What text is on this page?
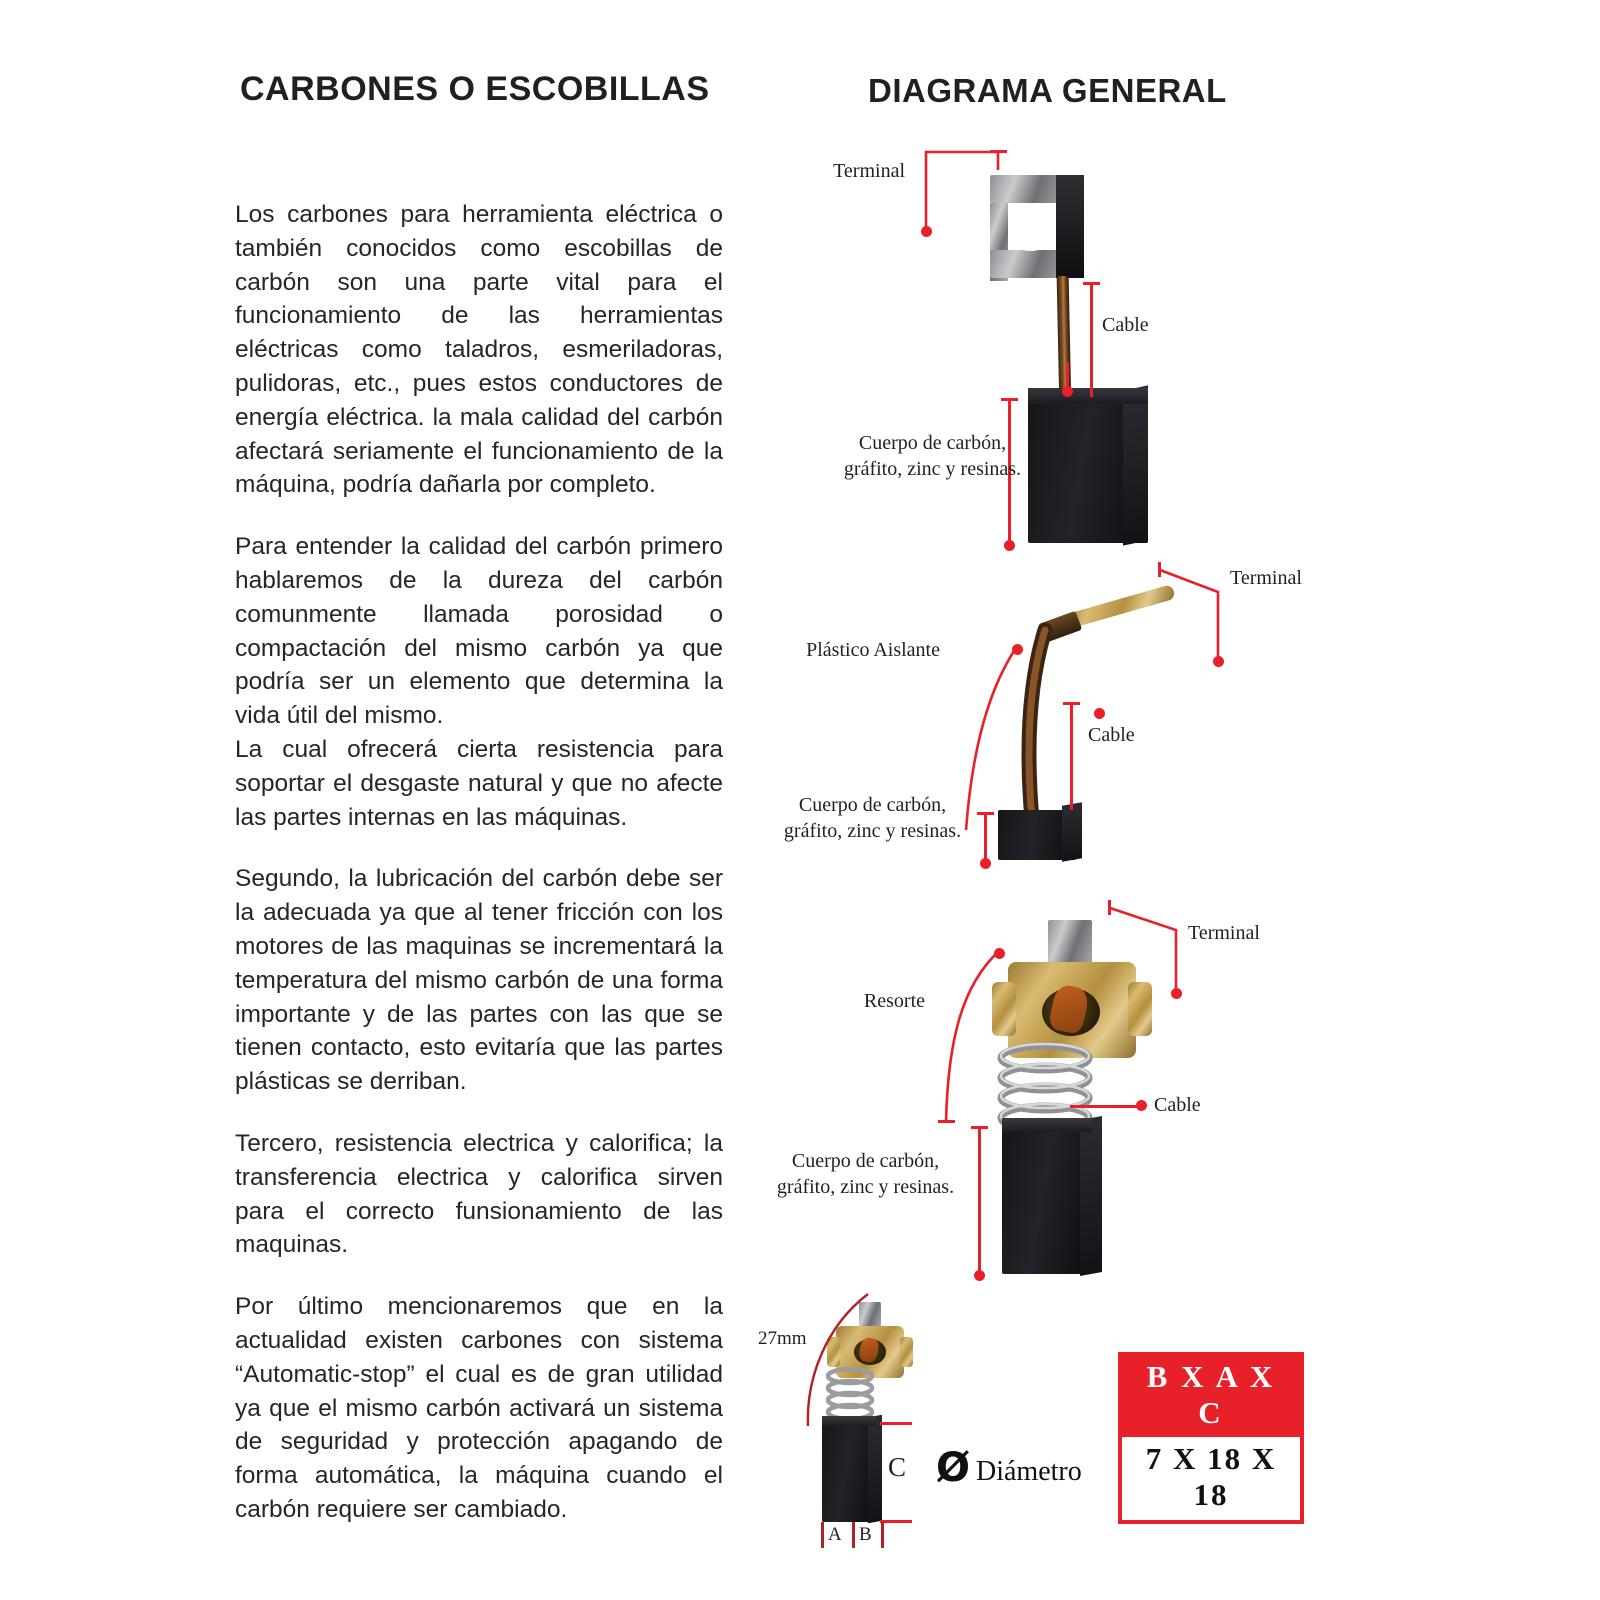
CARBONES O ESCOBILLAS	DIAGRAMA GENERAL

Los carbones para herramienta eléctrica o también conocidos como escobillas de carbón son una parte vital para el funcionamiento de las herramientas eléctricas como taladros, esmeriladoras, pulidoras, etc., pues estos conductores de energía eléctrica. la mala calidad del carbón afectará seriamente el funcionamiento de la máquina, podría dañarla por completo.

Para entender la calidad del carbón primero hablaremos de la dureza del carbón comunmente llamada porosidad o compactación del mismo carbón ya que podría ser un elemento que determina la vida útil del mismo.

La cual ofrecerá cierta resistencia para soportar el desgaste natural y que no afecte las partes internas en las máquinas.

Segundo, la lubricación del carbón debe ser la adecuada ya que al tener fricción con los motores de las maquinas se incrementará la temperatura del mismo carbón de una forma importante y de las partes con las que se tienen contacto, esto evitaría que las partes plásticas se derriban.

Tercero, resistencia electrica y calorifica; la transferencia electrica y calorifica sirven para el correcto funsionamiento de las maquinas.

Por último mencionaremos que en la actualidad existen carbones con sistema “Automatic-stop” el cual es de gran utilidad ya que el mismo carbón activará un sistema de seguridad y protección apagando de forma automática, la máquina cuando el carbón requiere ser cambiado.

Terminal
Cable
Cuerpo de carbón,
gráfito, zinc y resinas.
Terminal
Plástico Aislante
Cable
Cuerpo de carbón,
gráfito, zinc y resinas.
Terminal
Resorte
Cable
Cuerpo de carbón,
gráfito, zinc y resinas.
27mm
C
A B
Ø Diámetro
B X A X C
7 X 18 X 18
